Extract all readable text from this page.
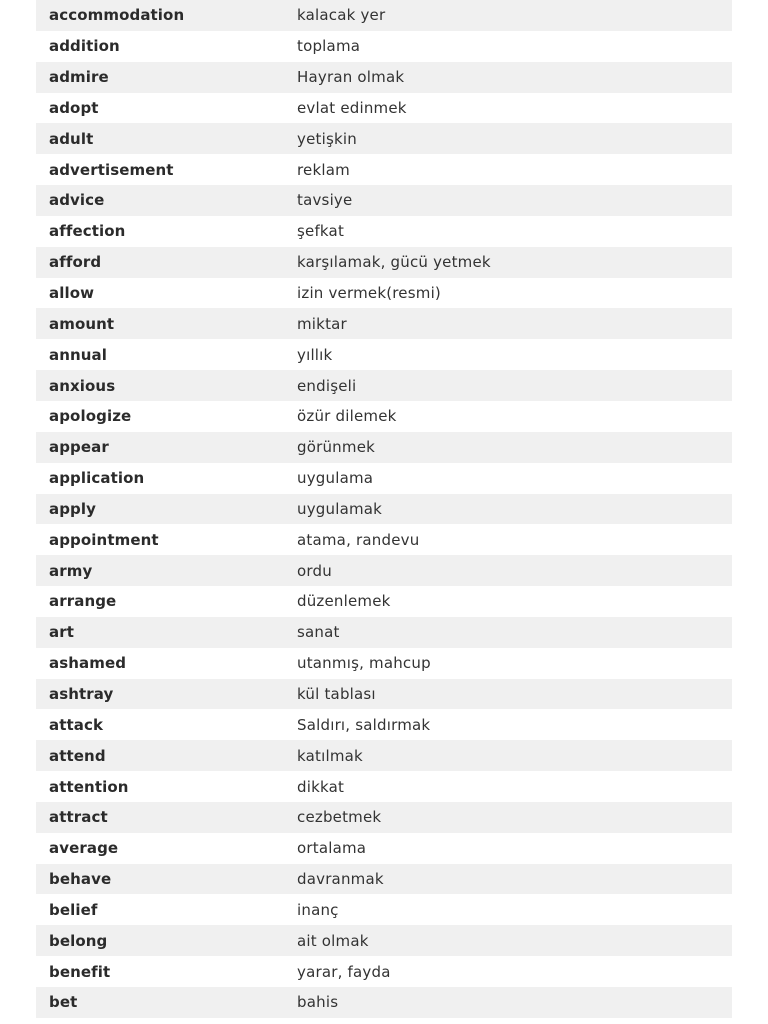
accommodation	kalacak yer
addition	toplama
admire	Hayran olmak
adopt	evlat edinmek
adult	yetişkin
advertisement	reklam
advice	tavsiye
affection	şefkat
afford	karşılamak, gücü yetmek
allow	izin vermek(resmi)
amount	miktar
annual	yıllık
anxious	endişeli
apologize	özür dilemek
appear	görünmek
application	uygulama
apply	uygulamak
appointment	atama, randevu
army	ordu
arrange	düzenlemek
art	sanat
ashamed	utanmış, mahcup
ashtray	kül tablası
attack	Saldırı, saldırmak
attend	katılmak
attention	dikkat
attract	cezbetmek
average	ortalama
behave	davranmak
belief	inanç
belong	ait olmak
benefit	yarar, fayda
bet	bahis
